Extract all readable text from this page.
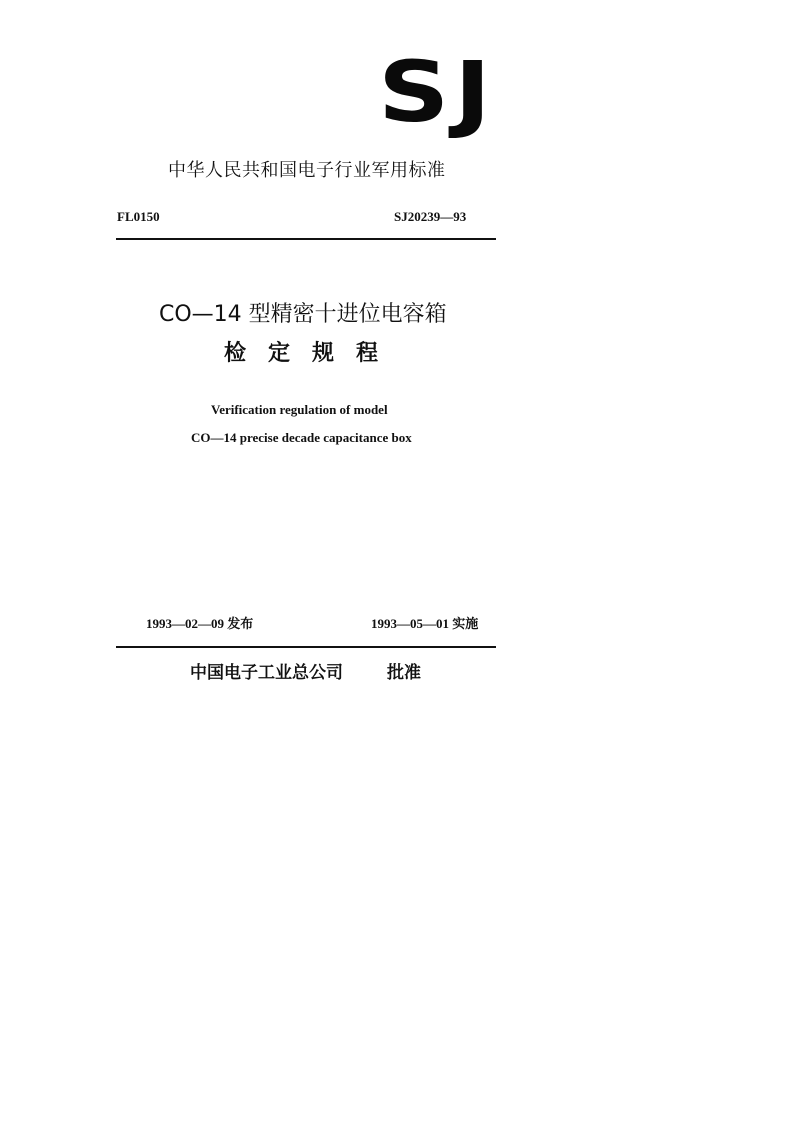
SJ
中华人民共和国电子行业军用标准
FL0150	SJ20239—93
CO—14 型精密十进位电容箱
检定规程
Verification regulation of model
CO—14 precise decade capacitance box
1993—02—09 发布	1993—05—01 实施
中国电子工业总公司	批准
